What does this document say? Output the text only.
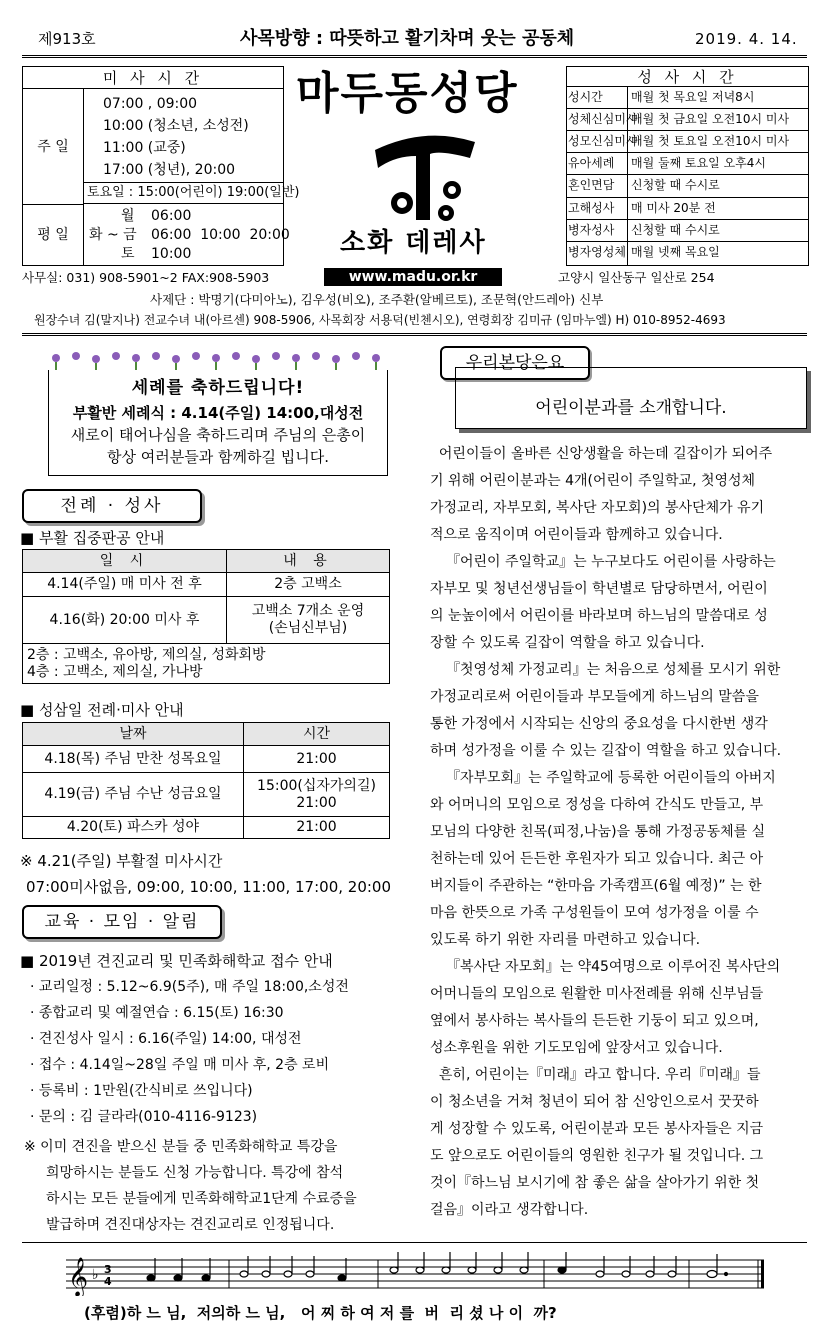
제913호	사목방향 : 따뜻하고 활기차며 웃는 공동체	2019. 4. 14.
미 사 시 간
주 일
07:00 , 09:00
10:00 (청소년, 소성전)
11:00 (교중)
17:00 (청년), 20:00
토요일 : 15:00(어린이) 19:00(일반)
평 일
월 06:00
화 ~ 금 06:00  10:00  20:00
토 10:00
마두동성당
소화 데레사
www.madu.or.kr
성 사 시 간
성시간 매월 첫 목요일 저녁8시
성체신심미사
매월 첫 금요일 오전10시 미사
성모신심미사
매월 첫 토요일 오전10시 미사
유아세례 매월 둘째 토요일 오후4시
혼인면담 신청할 때 수시로
고해성사 매 미사 20분 전
병자성사 신청할 때 수시로
병자영성체 매월 넷째 목요일
사무실: 031) 908-5901~2 FAX:908-5903	고양시 일산동구 일산로 254
사제단 : 박명기(다미아노), 김우성(비오), 조주환(알베르토), 조문혁(안드레아) 신부
원장수녀 김(말지나) 전교수녀 내(아르센) 908-5906, 사목회장 서용덕(빈첸시오), 연령회장 김미규 (임마누엘) H) 010-8952-4693
세례를 축하드립니다!
부활반 세례식 : 4.14(주일) 14:00,대성전
새로이 태어나심을 축하드리며 주님의 은총이
항상 여러분들과 함께하길 빕니다.
전례 · 성사
■ 부활 집중판공 안내
일 시	내 용
4.14(주일) 매 미사 전 후	2층 고백소
4.16(화) 20:00 미사 후	고백소 7개소 운영
(손님신부님)

2층 : 고백소, 유아방, 제의실, 성화회방
4층 : 고백소, 제의실, 가나방	
■ 성삼일 전례·미사 안내
날짜	시간
4.18(목) 주님 만찬 성목요일	21:00
4.19(금) 주님 수난 성금요일	15:00(십자가의길)
21:00
4.20(토) 파스카 성야	21:00
※ 4.21(주일) 부활절 미사시간
07:00미사없음, 09:00, 10:00, 11:00, 17:00, 20:00
교육 · 모임 · 알림
■ 2019년 견진교리 및 민족화해학교 접수 안내
· 교리일정 : 5.12~6.9(5주), 매 주일 18:00,소성전
· 종합교리 및 예절연습 : 6.15(토) 16:30
· 견진성사 일시 : 6.16(주일) 14:00, 대성전
· 접수 : 4.14일~28일 주일 매 미사 후, 2층 로비
· 등록비 : 1만원(간식비로 쓰입니다)
· 문의 : 김 글라라(010-4116-9123)
※ 이미 견진을 받으신 분들 중 민족화해학교 특강을
희망하시는 분들도 신청 가능합니다. 특강에 참석
하시는 모든 분들에게 민족화해학교1단계 수료증을
발급하며 견진대상자는 견진교리로 인정됩니다.
우리본당은요
어린이분과를 소개합니다.
어린이들이 올바른 신앙생활을 하는데 길잡이가 되어주
기 위해 어린이분과는 4개(어린이 주일학교, 첫영성체
가정교리, 자부모회, 복사단 자모회)의 봉사단체가 유기
적으로 움직이며 어린이들과 함께하고 있습니다.
『어린이 주일학교』는 누구보다도 어린이를 사랑하는
자부모 및 청년선생님들이 학년별로 담당하면서, 어린이
의 눈높이에서 어린이를 바라보며 하느님의 말씀대로 성
장할 수 있도록 길잡이 역할을 하고 있습니다.
『첫영성체 가정교리』는 처음으로 성체를 모시기 위한
가정교리로써 어린이들과 부모들에게 하느님의 말씀을
통한 가정에서 시작되는 신앙의 중요성을 다시한번 생각
하며 성가정을 이룰 수 있는 길잡이 역할을 하고 있습니다.
『자부모회』는 주일학교에 등록한 어린이들의 아버지
와 어머니의 모임으로 정성을 다하여 간식도 만들고, 부
모님의 다양한 친목(피정,나눔)을 통해 가정공동체를 실
천하는데 있어 든든한 후원자가 되고 있습니다. 최근 아
버지들이 주관하는 “한마음 가족캠프(6월 예정)” 는 한
마음 한뜻으로 가족 구성원들이 모여 성가정을 이룰 수
있도록 하기 위한 자리를 마련하고 있습니다.
『복사단 자모회』는 약45여명으로 이루어진 복사단의
어머니들의 모임으로 원활한 미사전례를 위해 신부님들
옆에서 봉사하는 복사들의 든든한 기둥이 되고 있으며,
성소후원을 위한 기도모임에 앞장서고 있습니다.
흔히, 어린이는『미래』라고 합니다. 우리『미래』들
이 청소년을 거쳐 청년이 되어 참 신앙인으로서 꿋꿋하
게 성장할 수 있도록, 어린이분과 모든 봉사자들은 지금
도 앞으로도 어린이들의 영원한 친구가 될 것입니다. 그
것이『하느님 보시기에 참 좋은 삶을 살아가기 위한 첫
걸음』이라고 생각합니다.
𝄞 ♭ 3
4
(후렴)하 느 님,  저의하 느 님,   어 찌 하 여 저 를  버  리 셨 나 이  까?
